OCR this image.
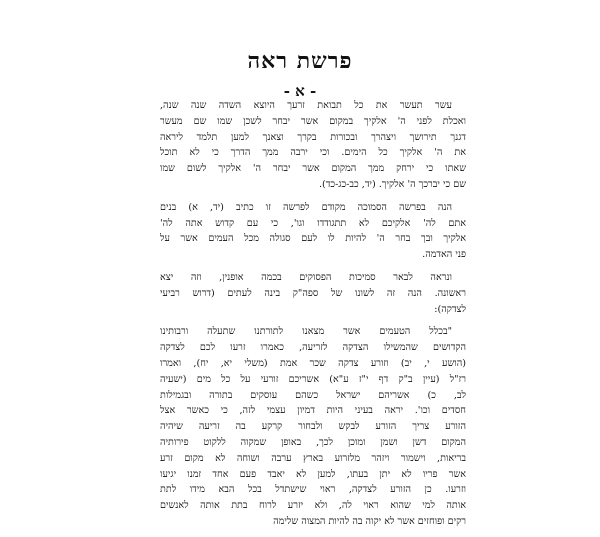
פרשת ראה
- א -

עשר תעשר את כל תבואת זרעך היוצא השדה שנה שנה,
ואכלת לפני ה' אלקיך במקום אשר יבחר לשכן שמו שם מעשר
דגנך תירושך ויצהרך ובכורות בקרך וצאנך למען תלמד ליראה
את ה' אלקיך כל הימים. וכי ירבה ממך הדרך כי לא תוכל
שאתו כי ירחק ממך המקום אשר יבחר ה' אלקיך לשום שמו
שם כי יברכך ה' אלקיך. (יד, כב-כג-כד).

הנה בפרשה הסמוכה מקודם לפרשה זו כתיב (יד, א) בנים
אתם לה' אלקיכם לא תתגודדו וגו', כי עם קדוש אתה לה'
אלקיך ובך בחר ה' להיות לו לעם סגולה מכל העמים אשר על
פני האדמה.

ונראה לבאר סמיכות הפסוקים בכמה אופנין, וזה יצא
ראשונה. הנה זה לשונו של ספה"ק בינה לעתים (דרוש רביעי
לצדקה):

"בכלל הטעמים אשר מצאנו לתורתנו שתעלה ורבותינו
הקדושים שהמשילו הצדקה לזריעה, כאמרו זרעו לכם לצדקה
(הושע י, יב) וזורע צדקה שכר אמת (משלי יא, יח), ואמרו
רז"ל (עיין ב"ק דף י"ז ע"א) אשריכם זורעי על כל מים (ישעיה
לב, כ) אשריהם ישראל כשהם עוסקים בתורה ובגמילות
חסדים וכו'. יראה בעיני היות דמיון עצמי לזה, כי כאשר אצל
הזורע צריך הזורע לבקש ולבחור קרקע בה זריעה שיהיה
המקום דשן ושמן ומוכן לכך, באופן שמקוה ללקוט פירותיה
בריאות, וישמור ויזהר מלזרוע בארץ ערבה ושוחה לא מקום זרע
אשר פריו לא יתן בעתו, למען לא יאבד פעם אחד זמנו יגיעו
וזרעו. כן הזורע לצדקה, ראוי שישתדל בכל הבא מידו לתת
אותה למי שהוא ראוי לה, ולא יזרע לרוח בתת אותה לאנשים
רקים ופוחזים אשר לא יקוה בה להיות המצוה שלימה
